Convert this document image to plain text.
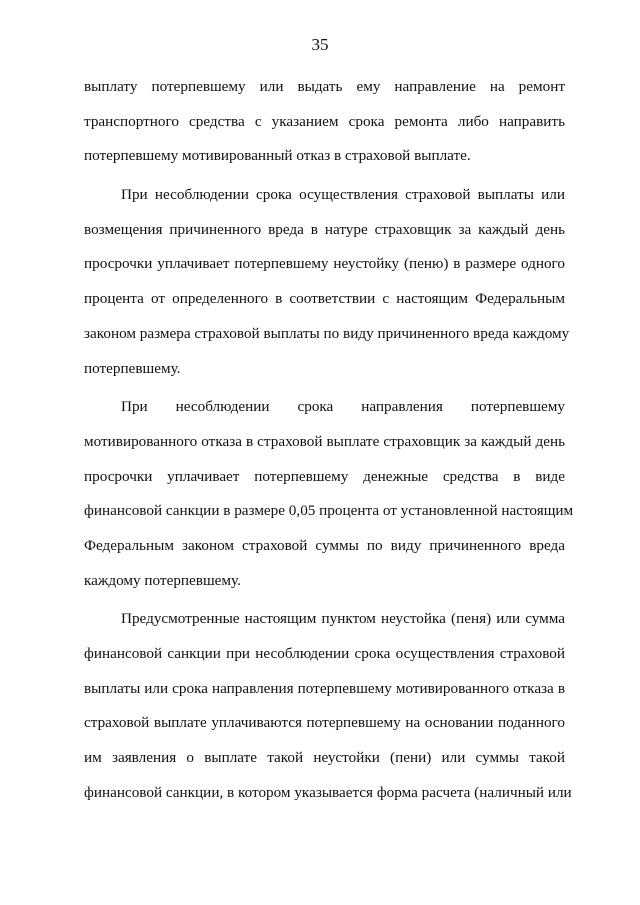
35
выплату потерпевшему или выдать ему направление на ремонт
транспортного средства с указанием срока ремонта либо направить
потерпевшему мотивированный отказ в страховой выплате.
При несоблюдении срока осуществления страховой выплаты или
возмещения причиненного вреда в натуре страховщик за каждый день
просрочки уплачивает потерпевшему неустойку (пеню) в размере одного
процента от определенного в соответствии с настоящим Федеральным
законом размера страховой выплаты по виду причиненного вреда каждому
потерпевшему.
При несоблюдении срока направления потерпевшему
мотивированного отказа в страховой выплате страховщик за каждый день
просрочки уплачивает потерпевшему денежные средства в виде
финансовой санкции в размере 0,05 процента от установленной настоящим
Федеральным законом страховой суммы по виду причиненного вреда
каждому потерпевшему.
Предусмотренные настоящим пунктом неустойка (пеня) или сумма
финансовой санкции при несоблюдении срока осуществления страховой
выплаты или срока направления потерпевшему мотивированного отказа в
страховой выплате уплачиваются потерпевшему на основании поданного
им заявления о выплате такой неустойки (пени) или суммы такой
финансовой санкции, в котором указывается форма расчета (наличный или
